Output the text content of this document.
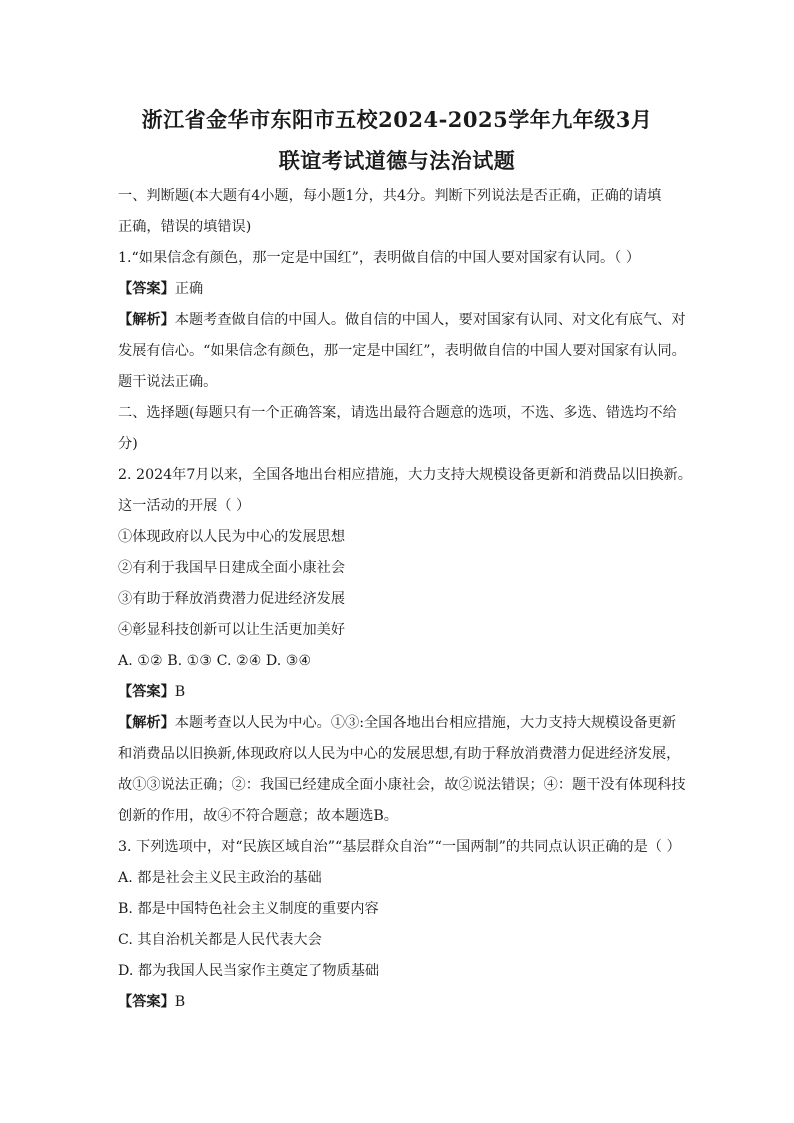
浙江省金华市东阳市五校2024-2025学年九年级3月
联谊考试道德与法治试题
一、判断题(本大题有4小题，每小题1分，共4分。判断下列说法是否正确，正确的请填
正确，错误的填错误)
1.“如果信念有颜色，那一定是中国红”，表明做自信的中国人要对国家有认同。（ ）
【答案】正确
【解析】本题考查做自信的中国人。做自信的中国人，要对国家有认同、对文化有底气、对
发展有信心。“如果信念有颜色，那一定是中国红”，表明做自信的中国人要对国家有认同。
题干说法正确。
二、选择题(每题只有一个正确答案，请选出最符合题意的选项，不选、多选、错选均不给
分)
2. 2024年7月以来，全国各地出台相应措施，大力支持大规模设备更新和消费品以旧换新。
这一活动的开展（ ）
①体现政府以人民为中心的发展思想
②有利于我国早日建成全面小康社会
③有助于释放消费潜力促进经济发展
④彰显科技创新可以让生活更加美好
A. ①② B. ①③ C. ②④ D. ③④
【答案】B
【解析】本题考查以人民为中心。①③:全国各地出台相应措施，大力支持大规模设备更新
和消费品以旧换新,体现政府以人民为中心的发展思想,有助于释放消费潜力促进经济发展，
故①③说法正确；②：我国已经建成全面小康社会，故②说法错误；④：题干没有体现科技
创新的作用，故④不符合题意；故本题选B。
3. 下列选项中，对“民族区域自治”“基层群众自治”“一国两制”的共同点认识正确的是（ ）
A. 都是社会主义民主政治的基础
B. 都是中国特色社会主义制度的重要内容
C. 其自治机关都是人民代表大会
D. 都为我国人民当家作主奠定了物质基础
【答案】B
